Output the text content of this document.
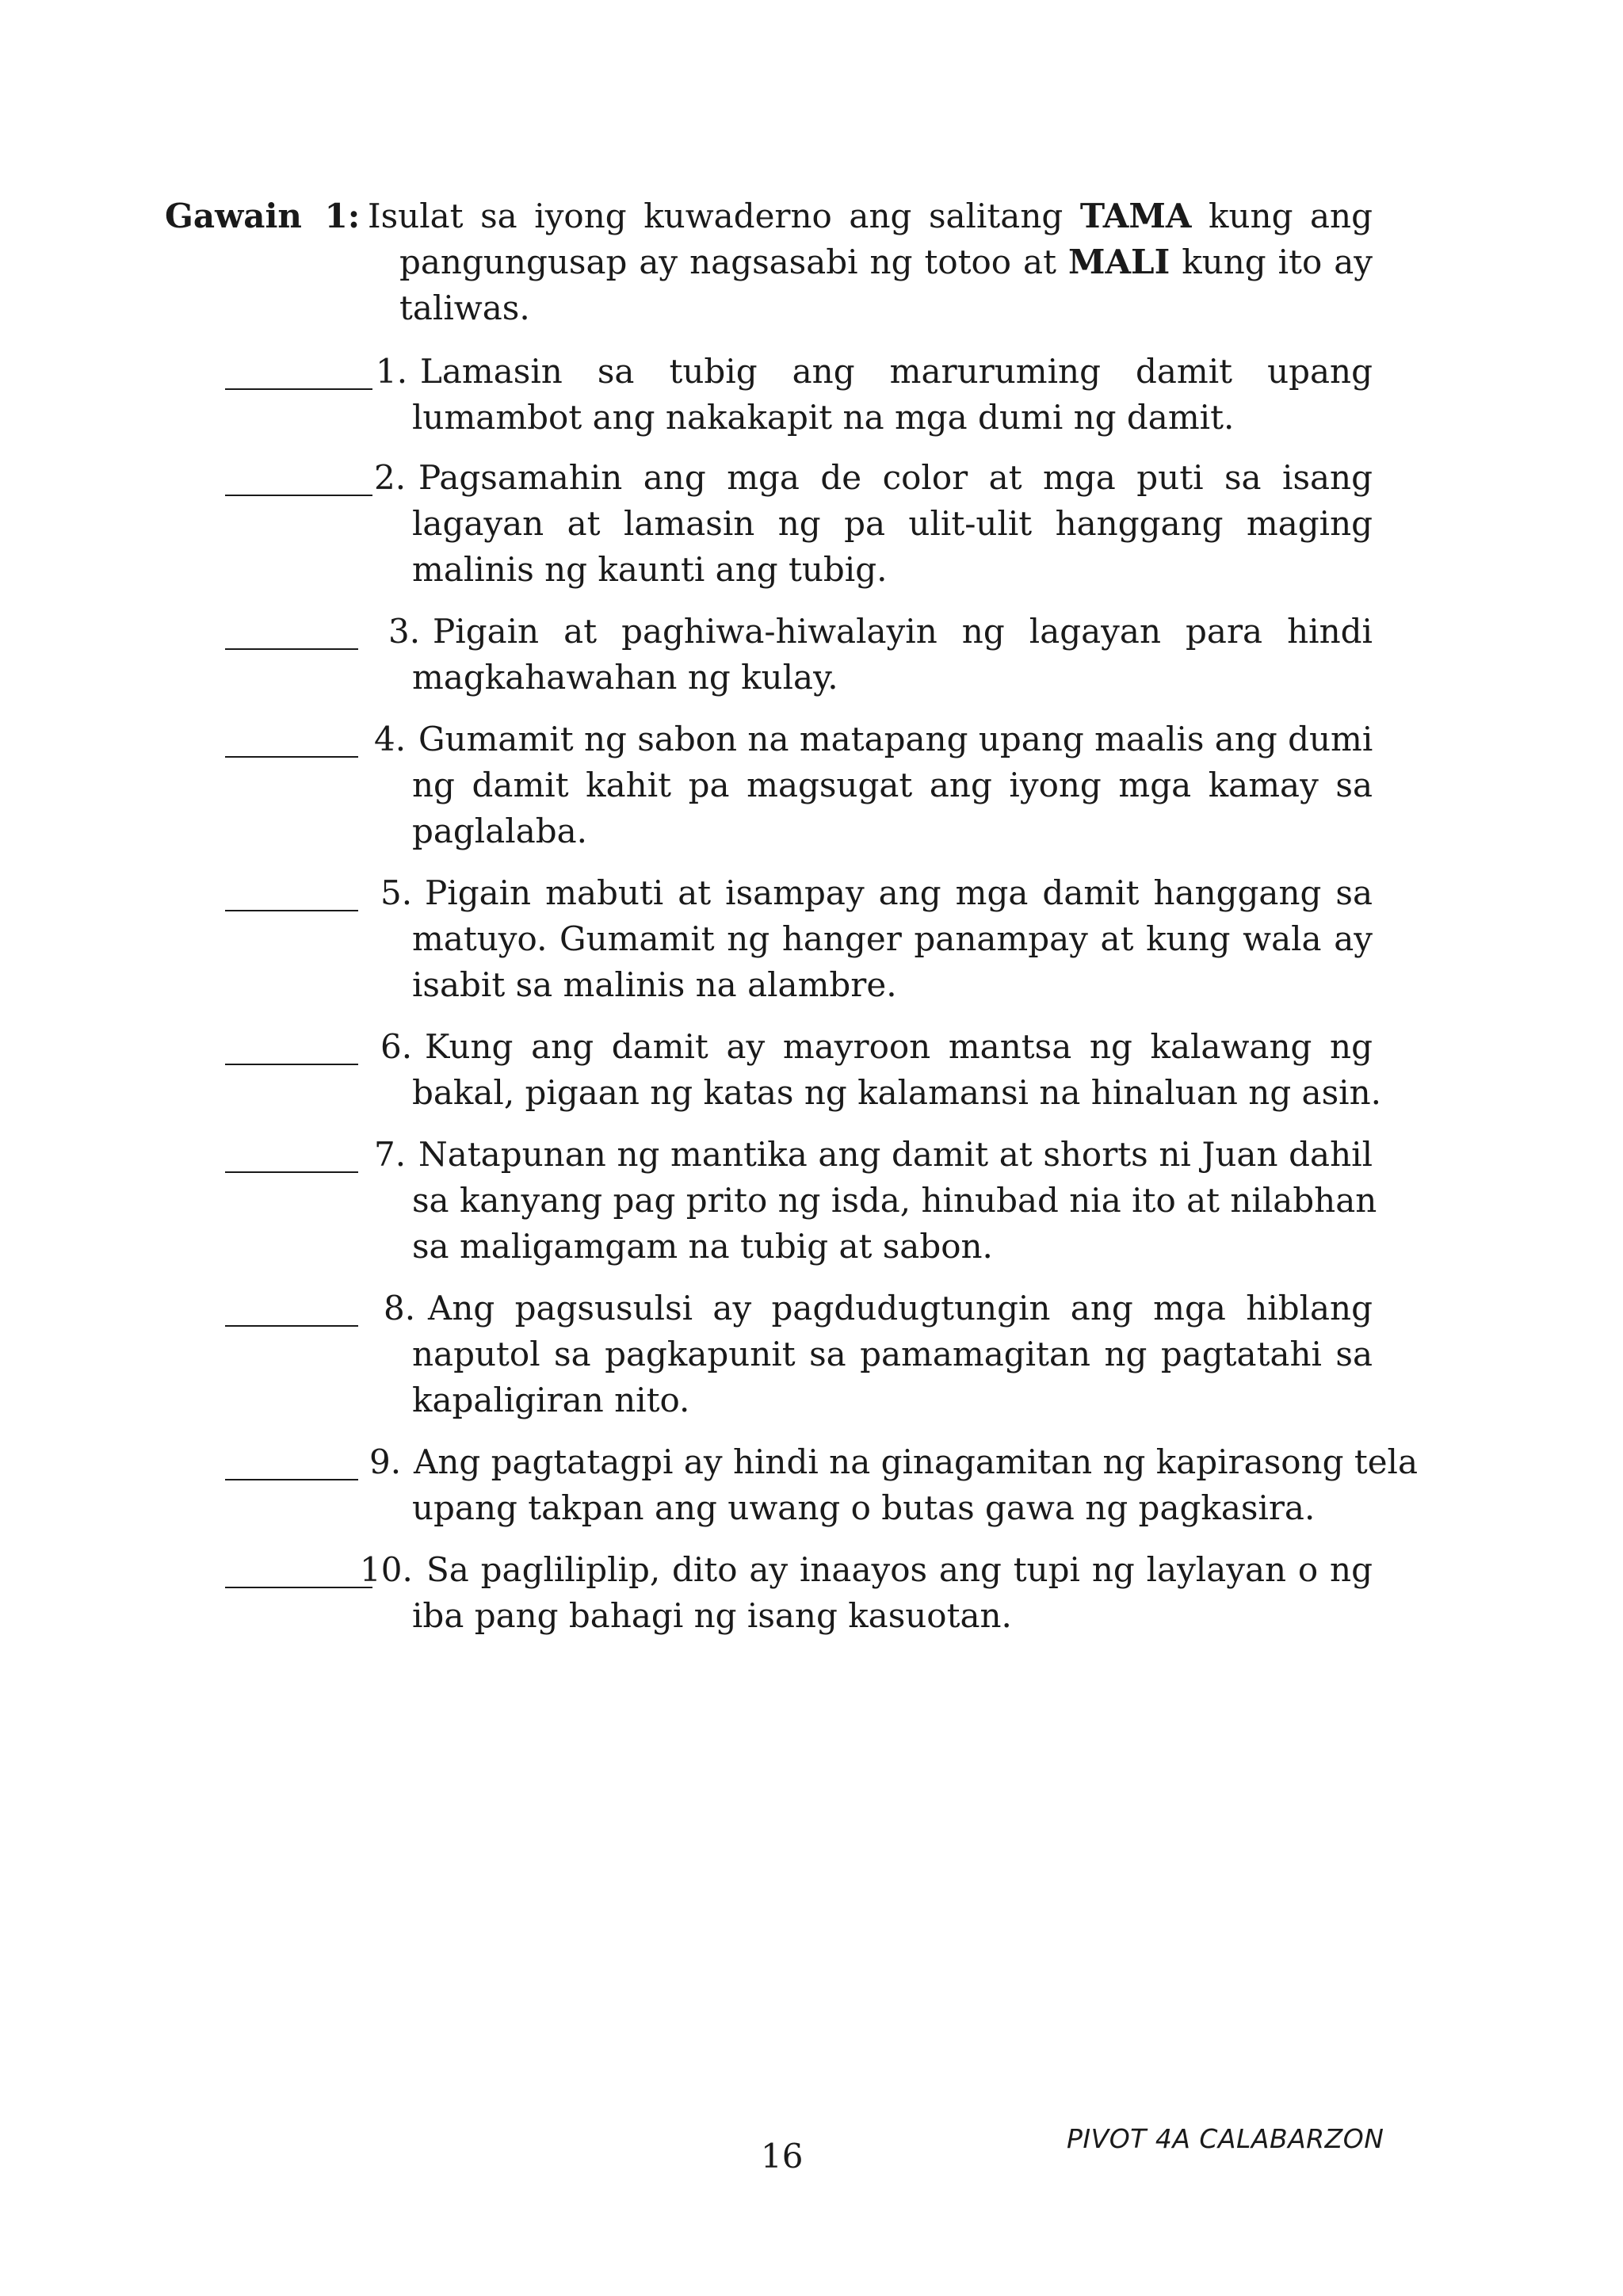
Gawain 1: Isulat sa iyong kuwaderno ang salitang TAMA kung ang
pangungusap ay nagsasabi ng totoo at MALI kung ito ay
taliwas.
1. Lamasin sa tubig ang maruruming damit upang
lumambot ang nakakapit na mga dumi ng damit.
2. Pagsamahin ang mga de color at mga puti sa isang
lagayan at lamasin ng pa ulit-ulit hanggang maging
malinis ng kaunti ang tubig.
3. Pigain at paghiwa-hiwalayin ng lagayan para hindi
magkahawahan ng kulay.
4. Gumamit ng sabon na matapang upang maalis ang dumi
ng damit kahit pa magsugat ang iyong mga kamay sa
paglalaba.
5. Pigain mabuti at isampay ang mga damit hanggang sa
matuyo. Gumamit ng hanger panampay at kung wala ay
isabit sa malinis na alambre.
6. Kung ang damit ay mayroon mantsa ng kalawang ng
bakal, pigaan ng katas ng kalamansi na hinaluan ng asin.
7. Natapunan ng mantika ang damit at shorts ni Juan dahil
sa kanyang pag prito ng isda, hinubad nia ito at nilabhan
sa maligamgam na tubig at sabon.
8. Ang pagsusulsi ay pagdudugtungin ang mga hiblang
naputol sa pagkapunit sa pamamagitan ng pagtatahi sa
kapaligiran nito.
9. Ang pagtatagpi ay hindi na ginagamitan ng kapirasong tela
upang takpan ang uwang o butas gawa ng pagkasira.
10. Sa pagliliplip, dito ay inaayos ang tupi ng laylayan o ng
iba pang bahagi ng isang kasuotan.
16	PIVOT 4A CALABARZON
